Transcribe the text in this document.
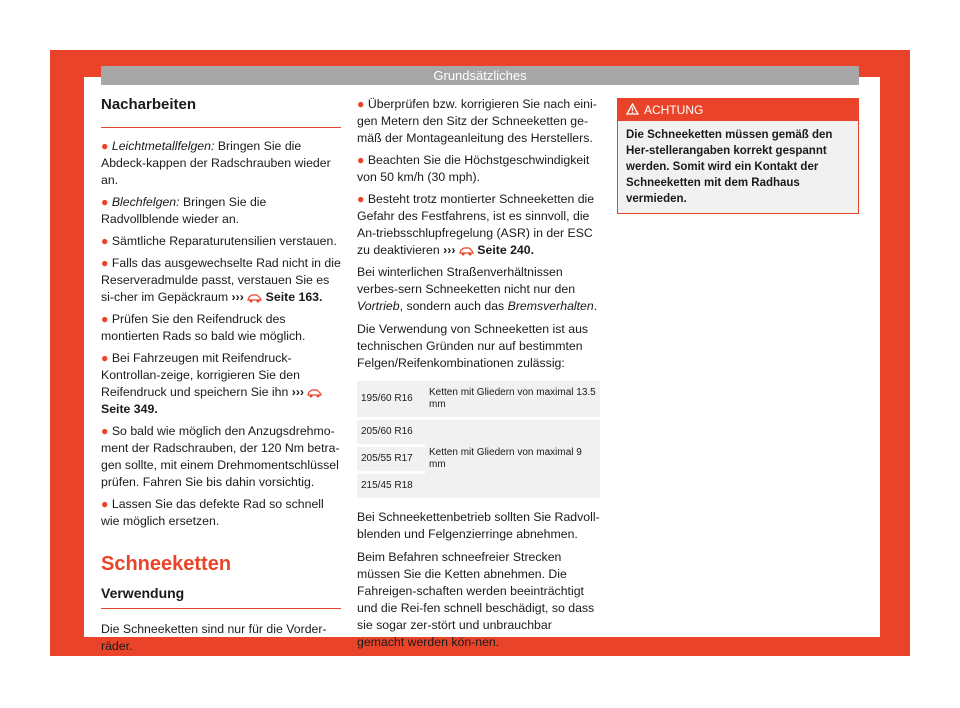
Grundsätzliches
Nacharbeiten
● Leichtmetallfelgen: Bringen Sie die Abdeck-kappen der Radschrauben wieder an.
● Blechfelgen: Bringen Sie die Radvollblende wieder an.
● Sämtliche Reparaturutensilien verstauen.
● Falls das ausgewechselte Rad nicht in die Reserveradmulde passt, verstauen Sie es si-cher im Gepäckraum ››› Seite 163.
● Prüfen Sie den Reifendruck des montierten Rads so bald wie möglich.
● Bei Fahrzeugen mit Reifendruck-Kontrollan-zeige, korrigieren Sie den Reifendruck und speichern Sie ihn ›››  Seite 349.
● So bald wie möglich den Anzugsdrehmo-ment der Radschrauben, der 120 Nm betra-gen sollte, mit einem Drehmomentschlüssel prüfen. Fahren Sie bis dahin vorsichtig.
● Lassen Sie das defekte Rad so schnell wie möglich ersetzen.
Schneeketten
Verwendung
Die Schneeketten sind nur für die Vorder-räder.
● Überprüfen bzw. korrigieren Sie nach eini-gen Metern den Sitz der Schneeketten ge-mäß der Montageanleitung des Herstellers.
● Beachten Sie die Höchstgeschwindigkeit von 50 km/h (30 mph).
● Besteht trotz montierter Schneeketten die Gefahr des Festfahrens, ist es sinnvoll, die An-triebsschlupfregelung (ASR) in der ESC zu deaktivieren ››› Seite 240.
Bei winterlichen Straßenverhältnissen verbes-sern Schneeketten nicht nur den Vortrieb, sondern auch das Bremsverhalten.
Die Verwendung von Schneeketten ist aus technischen Gründen nur auf bestimmten Felgen/Reifenkombinationen zulässig:
195/60 R16	Ketten mit Gliedern von maximal 13.5 mm
205/60 R16	Ketten mit Gliedern von maximal 9 mm
205/55 R17	
215/45 R18	
Bei Schneekettenbetrieb sollten Sie Radvoll-blenden und Felgenzierringe abnehmen.
Beim Befahren schneefreier Strecken müssen Sie die Ketten abnehmen. Die Fahreigen-schaften werden beeinträchtigt und die Rei-fen schnell beschädigt, so dass sie sogar zer-stört und unbrauchbar gemacht werden kön-nen.
ACHTUNG
Die Schneeketten müssen gemäß den Her-stellerangaben korrekt gespannt werden. Somit wird ein Kontakt der Schneeketten mit dem Radhaus vermieden.
59
